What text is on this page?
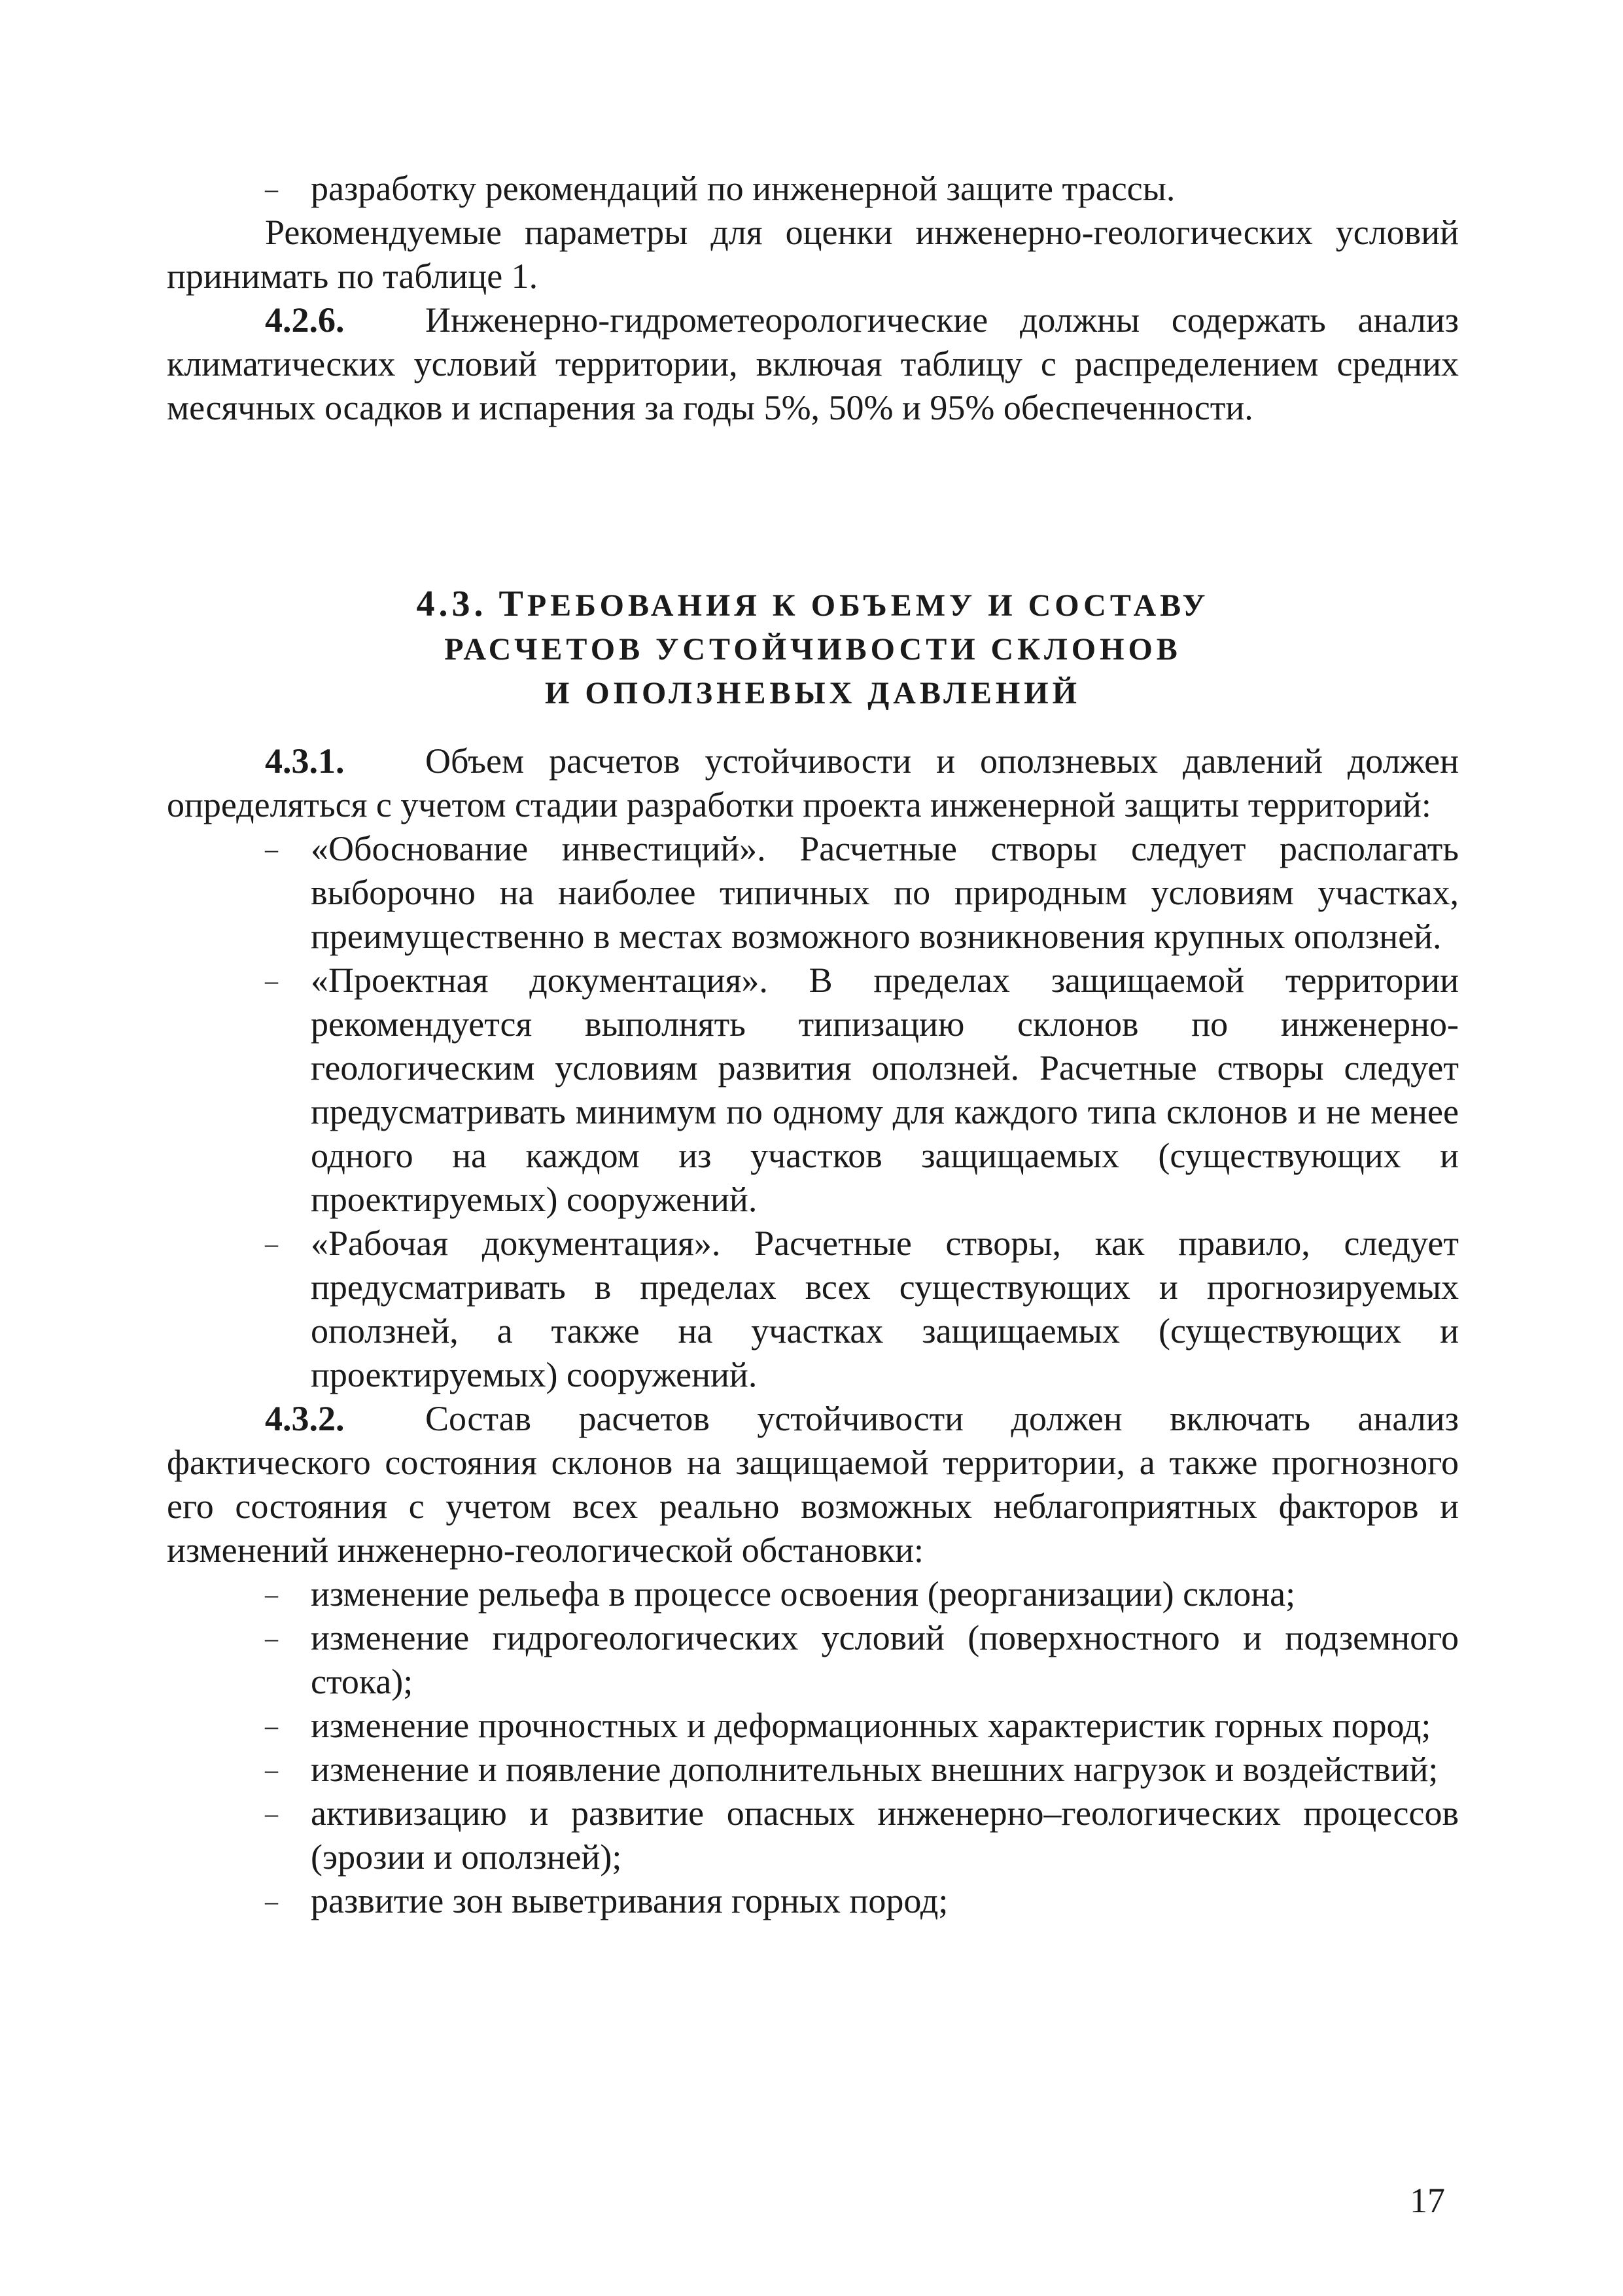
– разработку рекомендаций по инженерной защите трассы.

Рекомендуемые параметры для оценки инженерно-геологических условий принимать по таблице 1.

4.2.6. Инженерно-гидрометеорологические должны содержать анализ климатических условий территории, включая таблицу с распределением средних месячных осадков и испарения за годы 5%, 50% и 95% обеспеченности.

4.3. ТРЕБОВАНИЯ К ОБЪЕМУ И СОСТАВУ
РАСЧЕТОВ УСТОЙЧИВОСТИ СКЛОНОВ
И ОПОЛЗНЕВЫХ ДАВЛЕНИЙ

4.3.1. Объем расчетов устойчивости и оползневых давлений должен определяться с учетом стадии разработки проекта инженерной защиты территорий:

– «Обоснование инвестиций». Расчетные створы следует располагать выборочно на наиболее типичных по природным условиям участках, преимущественно в местах возможного возникновения крупных оползней.
– «Проектная документация». В пределах защищаемой территории рекомендуется выполнять типизацию склонов по инженерно-геологическим условиям развития оползней. Расчетные створы следует предусматривать минимум по одному для каждого типа склонов и не менее одного на каждом из участков защищаемых (существующих и проектируемых) сооружений.
– «Рабочая документация». Расчетные створы, как правило, следует предусматривать в пределах всех существующих и прогнозируемых оползней, а также на участках защищаемых (существующих и проектируемых) сооружений.

4.3.2. Состав расчетов устойчивости должен включать анализ фактического состояния склонов на защищаемой территории, а также прогнозного его состояния с учетом всех реально возможных неблагоприятных факторов и изменений инженерно-геологической обстановки:

– изменение рельефа в процессе освоения (реорганизации) склона;
– изменение гидрогеологических условий (поверхностного и подземного стока);
– изменение прочностных и деформационных характеристик горных пород;
– изменение и появление дополнительных внешних нагрузок и воздействий;
– активизацию и развитие опасных инженерно–геологических процессов (эрозии и оползней);
– развитие зон выветривания горных пород;
17
